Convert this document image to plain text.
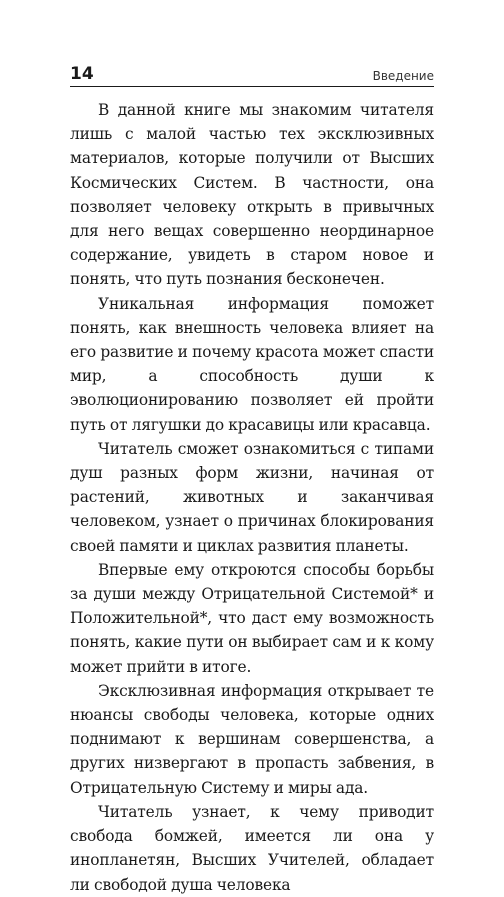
14	Введение

В данной книге мы знакомим читателя лишь с малой частью тех эксклюзивных материалов, которые получили от Высших Космических Систем. В частности, она позволяет человеку открыть в привычных для него вещах совершенно неординарное содержание, увидеть в старом новое и понять, что путь познания бесконечен.

Уникальная информация поможет понять, как внешность человека влияет на его развитие и почему красота может спасти мир, а способность души к эволюционированию позволяет ей пройти путь от лягушки до красавицы или красавца.

Читатель сможет ознакомиться с типами душ разных форм жизни, начиная от растений, животных и заканчивая человеком, узнает о причинах блокирования своей памяти и циклах развития планеты.

Впервые ему откроются способы борьбы за души между Отрицательной Системой* и Положительной*, что даст ему возможность понять, какие пути он выбирает сам и к кому может прийти в итоге.

Эксклюзивная информация открывает те нюансы свободы человека, которые одних поднимают к вершинам совершенства, а других низвергают в пропасть забвения, в Отрицательную Систему и миры ада.

Читатель узнает, к чему приводит свобода бомжей, имеется ли она у инопланетян, Высших Учителей, обладает ли свободой душа человека
